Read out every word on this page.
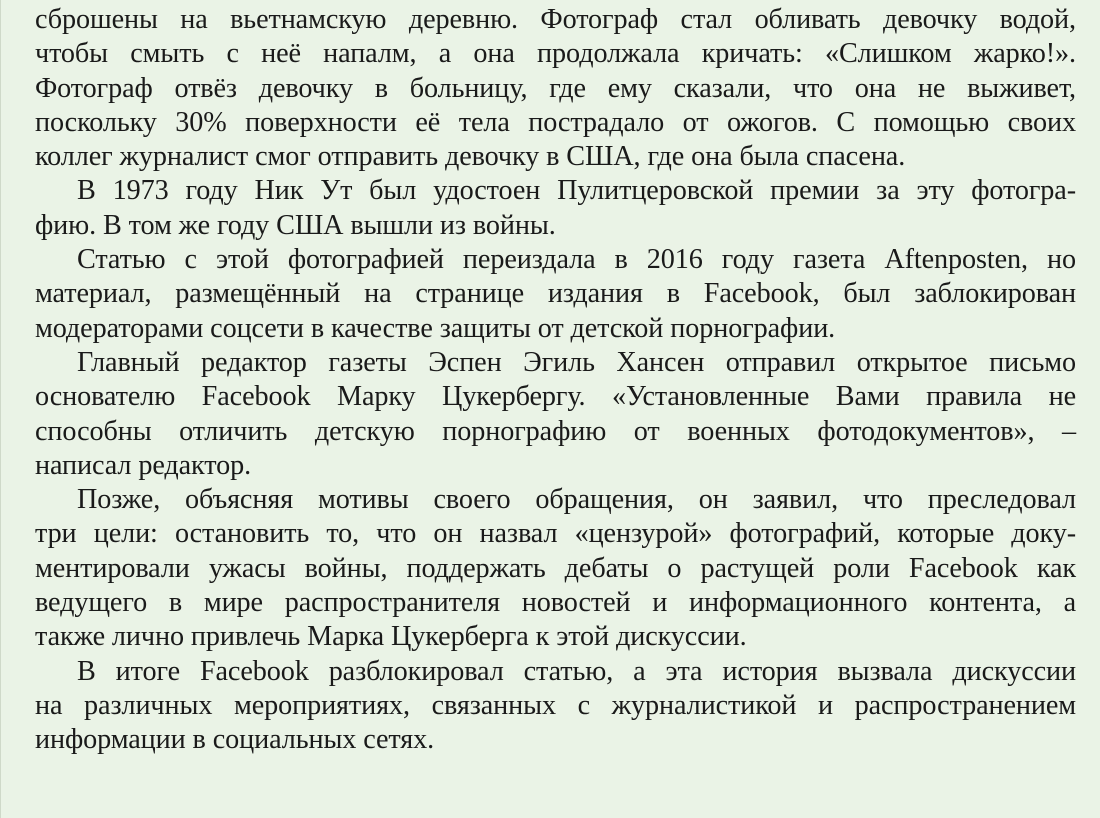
сброшены на вьетнамскую деревню. Фотограф стал обливать девочку водой,
чтобы смыть с неё напалм, а она продолжала кричать: «Слишком жарко!».
Фотограф отвёз девочку в больницу, где ему сказали, что она не выживет,
поскольку 30% поверхности её тела пострадало от ожогов. С помощью своих
коллег журналист смог отправить девочку в США, где она была спасена.
В 1973 году Ник Ут был удостоен Пулитцеровской премии за эту фотогра-
фию. В том же году США вышли из войны.
Статью с этой фотографией переиздала в 2016 году газета Aftenposten, но
материал, размещённый на странице издания в Facebook, был заблокирован
модераторами соцсети в качестве защиты от детской порнографии.
Главный редактор газеты Эспен Эгиль Хансен отправил открытое письмо
основателю Facebook Марку Цукербергу. «Установленные Вами правила не
способны отличить детскую порнографию от военных фотодокументов», –
написал редактор.
Позже, объясняя мотивы своего обращения, он заявил, что преследовал
три цели: остановить то, что он назвал «цензурой» фотографий, которые доку-
ментировали ужасы войны, поддержать дебаты о растущей роли Facebook как
ведущего в мире распространителя новостей и информационного контента, а
также лично привлечь Марка Цукерберга к этой дискуссии.
В итоге Facebook разблокировал статью, а эта история вызвала дискуссии
на различных мероприятиях, связанных с журналистикой и распространением
информации в социальных сетях.
